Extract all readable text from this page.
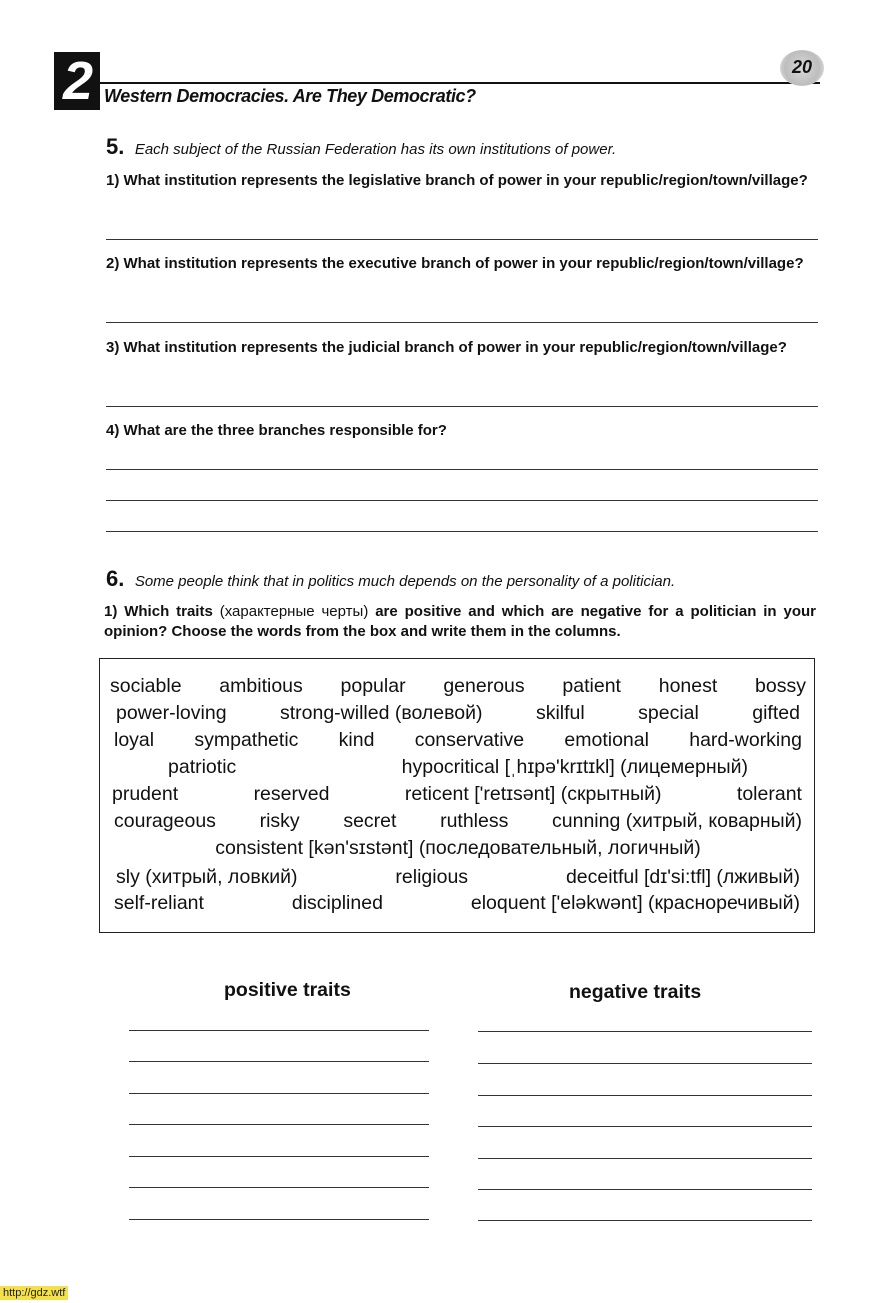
2 Western Democracies. Are They Democratic?
20
5. Each subject of the Russian Federation has its own institutions of power.
1) What institution represents the legislative branch of power in your republic/region/town/village?
2) What institution represents the executive branch of power in your republic/region/town/village?
3) What institution represents the judicial branch of power in your republic/region/town/village?
4) What are the three branches responsible for?
6. Some people think that in politics much depends on the personality of a politician.
1) Which traits (характерные черты) are positive and which are negative for a politician in your opinion? Choose the words from the box and write them in the columns.
sociable ambitious popular generous patient honest bossy
power-loving	strong-willed (волевой)	skilful	special	gifted
loyal sympathetic kind conservative emotional hard-working
patriotic	hypocritical [ˌhɪpə'krɪtɪkl] (лицемерный)
prudent	reserved	reticent ['retɪsənt] (скрытный)	tolerant
courageous risky secret ruthless cunning (хитрый, коварный)
consistent [kən'sɪstənt] (последовательный, логичный)
sly (хитрый, ловкий)	religious	deceitful [dɪ'si:tfl] (лживый)
self-reliant	disciplined	eloquent ['eləkwənt] (красноречивый)
positive traits	negative traits
http://gdz.wtf
